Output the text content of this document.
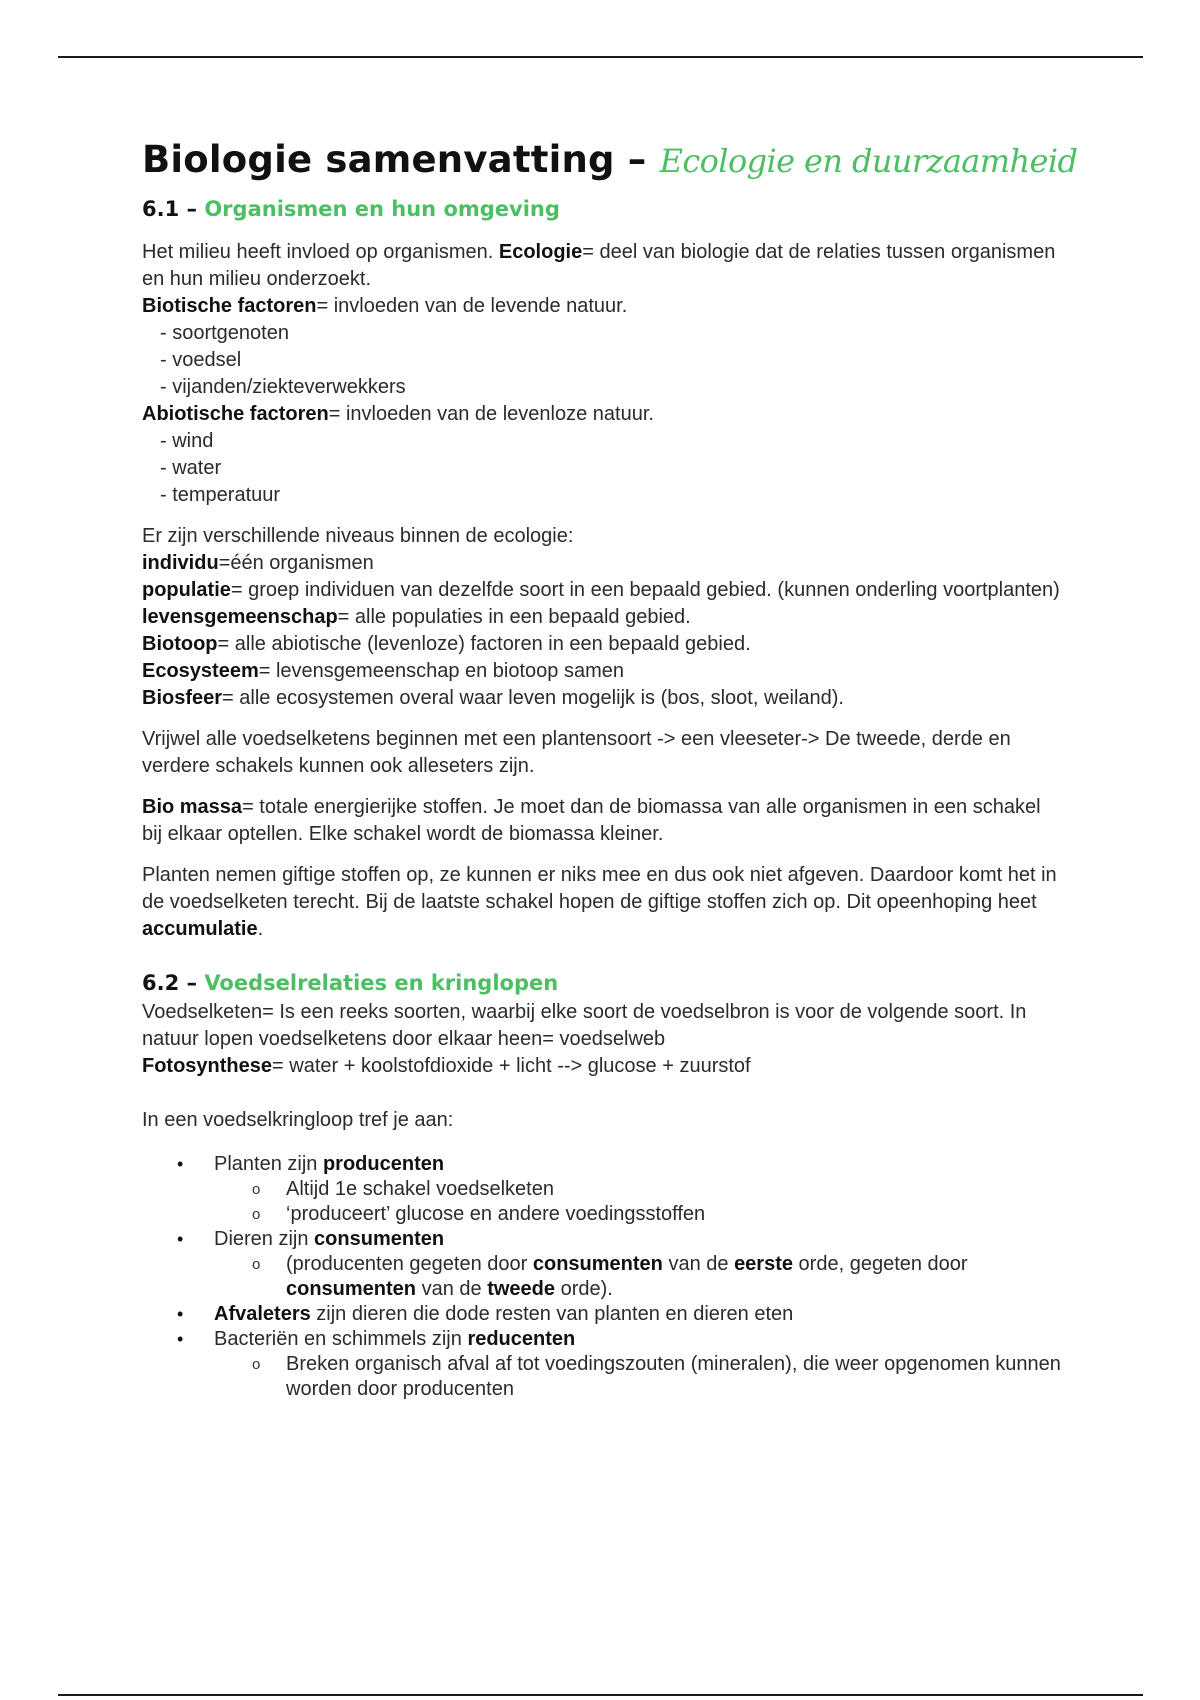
Biologie samenvatting – Ecologie en duurzaamheid
6.1 – Organismen en hun omgeving

Het milieu heeft invloed op organismen. Ecologie= deel van biologie dat de relaties tussen organismen en hun milieu onderzoekt.

Biotische factoren= invloeden van de levende natuur.
- soortgenoten
- voedsel
- vijanden/ziekteverwekkers
Abiotische factoren= invloeden van de levenloze natuur.
- wind
- water
- temperatuur

Er zijn verschillende niveaus binnen de ecologie:

individu=één organismen
populatie= groep individuen van dezelfde soort in een bepaald gebied. (kunnen onderling voortplanten)
levensgemeenschap= alle populaties in een bepaald gebied.
Biotoop= alle abiotische (levenloze) factoren in een bepaald gebied.
Ecosysteem= levensgemeenschap en biotoop samen
Biosfeer= alle ecosystemen overal waar leven mogelijk is (bos, sloot, weiland).

Vrijwel alle voedselketens beginnen met een plantensoort -> een vleeseter-> De tweede, derde en verdere schakels kunnen ook alleseters zijn.

Bio massa= totale energierijke stoffen. Je moet dan de biomassa van alle organismen in een schakel bij elkaar optellen. Elke schakel wordt de biomassa kleiner.

Planten nemen giftige stoffen op, ze kunnen er niks mee en dus ook niet afgeven. Daardoor komt het in de voedselketen terecht. Bij de laatste schakel hopen de giftige stoffen zich op. Dit opeenhoping heet accumulatie.

6.2 – Voedselrelaties en kringlopen

Voedselketen= Is een reeks soorten, waarbij elke soort de voedselbron is voor de volgende soort. In natuur lopen voedselketens door elkaar heen= voedselweb

Fotosynthese= water + koolstofdioxide + licht --> glucose + zuurstof

In een voedselkringloop tref je aan:

• Planten zijn producenten
o Altijd 1e schakel voedselketen
o ‘produceert’ glucose en andere voedingsstoffen
• Dieren zijn consumenten
o (producenten gegeten door consumenten van de eerste orde, gegeten door consumenten van de tweede orde).
• Afvaleters zijn dieren die dode resten van planten en dieren eten
• Bacteriën en schimmels zijn reducenten
o Breken organisch afval af tot voedingszouten (mineralen), die weer opgenomen kunnen worden door producenten
